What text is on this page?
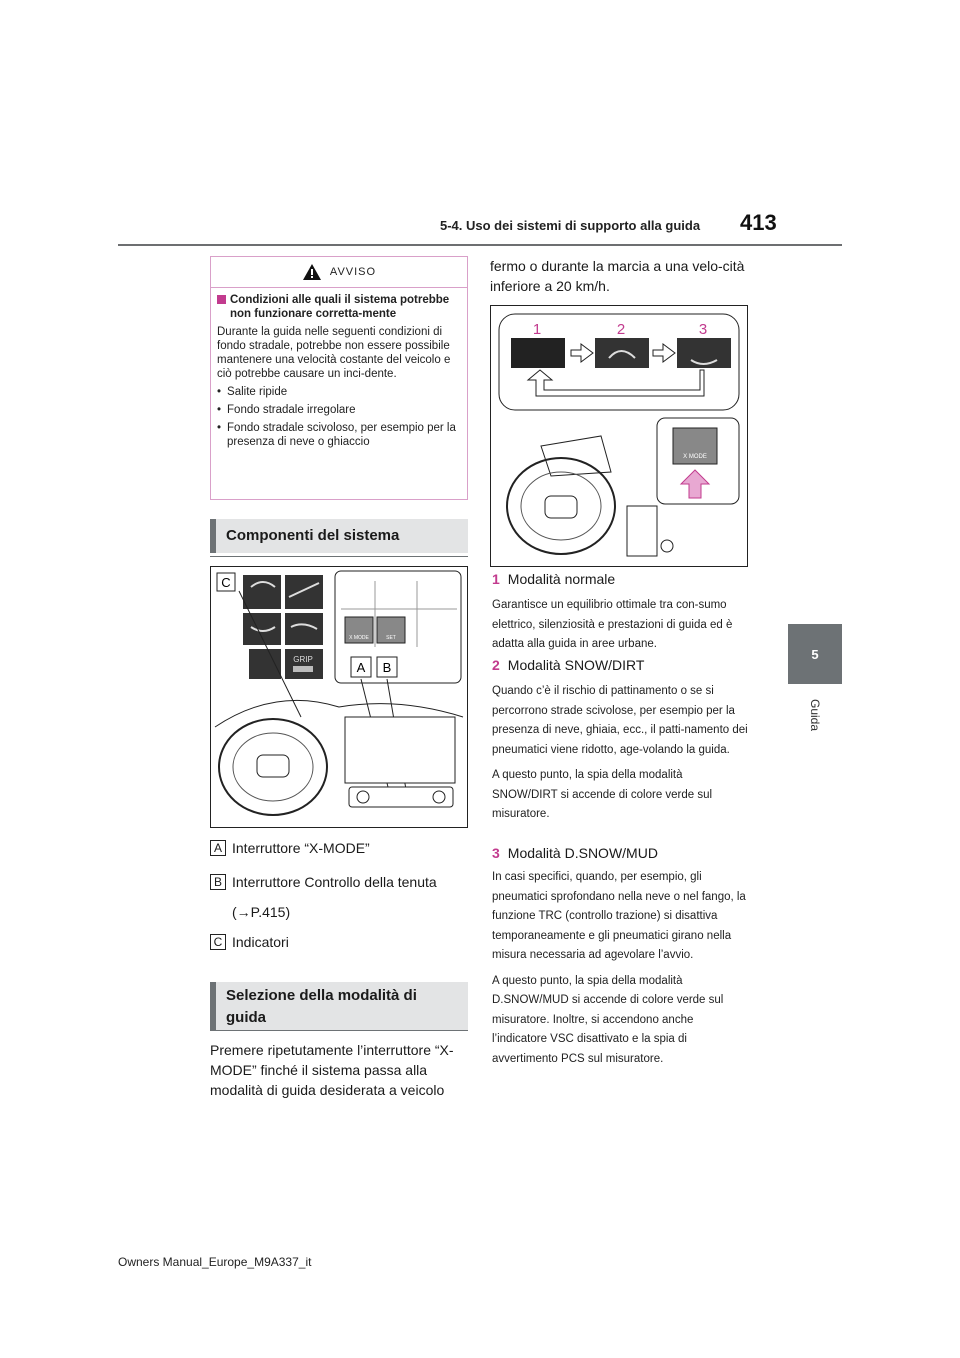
5-4. Uso dei sistemi di supporto alla guida 413
5
Guida
AVVISO
Condizioni alle quali il sistema potrebbe non funzionare corretta-mente
Durante la guida nelle seguenti condizioni di fondo stradale, potrebbe non essere possibile mantenere una velocità costante del veicolo e ciò potrebbe causare un inci-dente.
• Salite ripide
• Fondo stradale irregolare
• Fondo stradale scivoloso, per esempio per la presenza di neve o ghiaccio
Componenti del sistema
C
GRIP
X MODE	SET
A B
A Interruttore “X-MODE”
B Interruttore Controllo della tenuta
(→P.415)
C Indicatori
Selezione della modalità di guida
Premere ripetutamente l’interruttore “X-MODE” finché il sistema passa alla modalità di guida desiderata a veicolo
fermo o durante la marcia a una velo-cità inferiore a 20 km/h.
1	2	3
X MODE
1 Modalità normale
Garantisce un equilibrio ottimale tra con-sumo elettrico, silenziosità e prestazioni di guida ed è adatta alla guida in aree urbane.
2 Modalità SNOW/DIRT
Quando c’è il rischio di pattinamento o se si percorrono strade scivolose, per esempio per la presenza di neve, ghiaia, ecc., il patti-namento dei pneumatici viene ridotto, age-volando la guida.
A questo punto, la spia della modalità SNOW/DIRT si accende di colore verde sul misuratore.
3 Modalità D.SNOW/MUD
In casi specifici, quando, per esempio, gli pneumatici sprofondano nella neve o nel fango, la funzione TRC (controllo trazione) si disattiva temporaneamente e gli pneumatici girano nella misura necessaria ad agevolare l’avvio.
A questo punto, la spia della modalità D.SNOW/MUD si accende di colore verde sul misuratore. Inoltre, si accendono anche l’indicatore VSC disattivato e la spia di avvertimento PCS sul misuratore.
Owners Manual_Europe_M9A337_it
